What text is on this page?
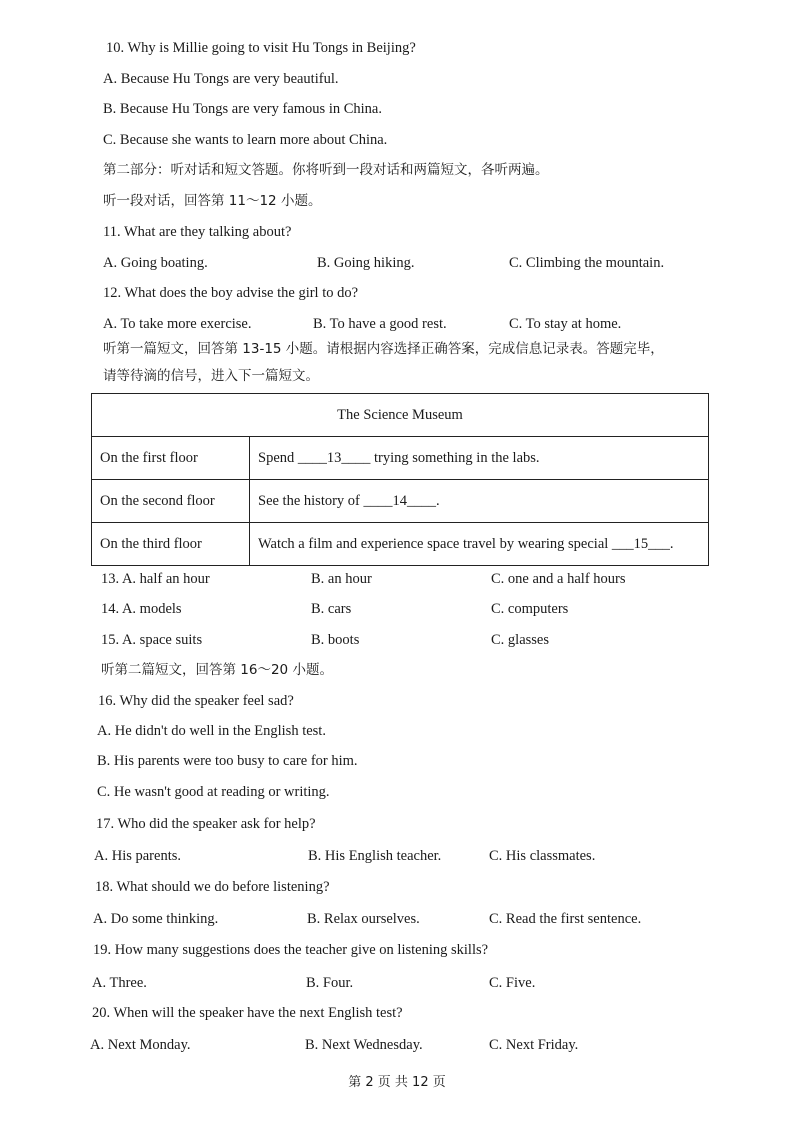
10. Why is Millie going to visit Hu Tongs in Beijing?
A. Because Hu Tongs are very beautiful.
B. Because Hu Tongs are very famous in China.
C. Because she wants to learn more about China.
第二部分：听对话和短文答题。你将听到一段对话和两篇短文，各听两遍。
听一段对话，回答第 11～12 小题。
11. What are they talking about?
A. Going boating.	B. Going hiking.	C. Climbing the mountain.
12. What does the boy advise the girl to do?
A. To take more exercise.	B. To have a good rest.	C. To stay at home.
听第一篇短文，回答第 13-15 小题。请根据内容选择正确答案，完成信息记录表。答题完毕，
请等待滴的信号，进入下一篇短文。
The Science Museum	
On the first floor	Spend ____13____ trying something in the labs.
On the second floor	See the history of ____14____.
On the third floor	Watch a film and experience space travel by wearing special ___15___.
13. A. half an hour	B. an hour	C. one and a half hours
14. A. models	B. cars	C. computers
15. A. space suits	B. boots	C. glasses
听第二篇短文，回答第 16～20 小题。
16. Why did the speaker feel sad?
A. He didn't do well in the English test.
B. His parents were too busy to care for him.
C. He wasn't good at reading or writing.
17. Who did the speaker ask for help?
A. His parents.	B. His English teacher.	C. His classmates.
18. What should we do before listening?
A. Do some thinking.	B. Relax ourselves.	C. Read the first sentence.
19. How many suggestions does the teacher give on listening skills?
A. Three.	B. Four.	C. Five.
20. When will the speaker have the next English test?
A. Next Monday.	B. Next Wednesday.	C. Next Friday.
第 2 页 共 12 页
